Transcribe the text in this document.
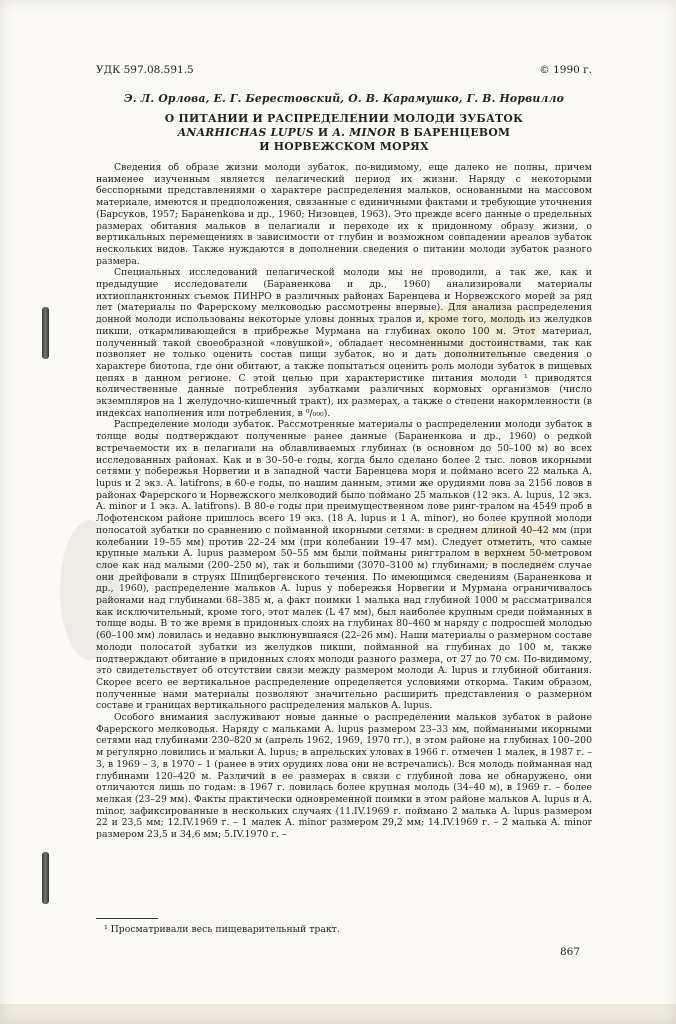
УДК 597.08.591.5	© 1990 г.
Э. Л. Орлова, Е. Г. Берестовский, О. В. Карамушко, Г. В. Норвилло
О ПИТАНИИ И РАСПРЕДЕЛЕНИИ МОЛОДИ ЗУБАТОК
ANARHICHAS LUPUS И A. MINOR В БАРЕНЦЕВОМ
И НОРВЕЖСКОМ МОРЯХ

Сведения об образе жизни молоди зубаток, по-видимому, еще далеко не полны, причем наименее изученным является пелагический период их жизни. Наряду с некоторыми бесспорными представлениями о характере распределения мальков, основанными на массовом материале, имеются и предположения, связанные с единичными фактами и требующие уточнения (Барсуков, 1957; Баранenkова и др., 1960; Низовцев, 1963). Это прежде всего данные о предельных размерах обитания мальков в пелагиали и переходе их к придонному образу жизни, о вертикальных перемещениях в зависимости от глубин и возможном совпадении ареалов зубаток нескольких видов. Также нуждаются в дополнении сведения о питании молоди зубаток разного размера.

Специальных исследований пелагической молоди мы не проводили, а так же, как и предыдущие исследователи (Бараненкова и др., 1960) анализировали материалы ихтиопланктонных съемок ПИНРО в различных районах Баренцева и Норвежского морей за ряд лет (материалы по Фарерскому мелководью рассмотрены впервые). Для анализа распределения донной молоди использованы некоторые уловы донных тралов и, кроме того, молодь из желудков пикши, откармливающейся в прибрежье Мурмана на глубинах около 100 м. Этот материал, полученный такой своеобразной «ловушкой», обладает несомненными достоинствами, так как позволяет не только оценить состав пищи зубаток, но и дать дополнительные сведения о характере биотопа, где они обитают, а также попытаться оценить роль молоди зубаток в пищевых цепях в данном регионе. С этой целью при характеристике питания молоди ¹ приводятся количественные данные потребления зубатками различных кормовых организмов (число экземпляров на 1 желудочно-кишечный тракт), их размерах, а также о степени накормленности (в индексах наполнения или потребления, в ⁰/₀₀₀).

Распределение молоди зубаток. Рассмотренные материалы о распределении молоди зубаток в толще воды подтверждают полученные ранее данные (Бараненкова и др., 1960) о редкой встречаемости их в пелагиали на облавливаемых глубинах (в основном до 50–100 м) во всех исследованных районах. Как и в 30–50-е годы, когда было сделано более 2 тыс. ловов икорными сетями у побережья Норвегии и в западной части Баренцева моря и поймано всего 22 малька A. lupus и 2 экз. A. latifrons, в 60-е годы, по нашим данным, этими же орудиями лова за 2156 ловов в районах Фарерского и Норвежского мелководий было поймано 25 мальков (12 экз. A. lupus, 12 экз. A. minor и 1 экз. A. latifrons). В 80-е годы при преимущественном лове ринг-тралом на 4549 проб в Лофотенском районе пришлось всего 19 экз. (18 A. lupus и 1 A. minor), но более крупной молоди полосатой зубатки по сравнению с пойманной икорными сетями: в среднем длиной 40–42 мм (при колебании 19–55 мм) против 22–24 мм (при колебании 19–47 мм). Следует отметить, что самые крупные мальки A. lupus размером 50–55 мм были пойманы рингтралом в верхнем 50-метровом слое как над малыми (200–250 м), так и большими (3070–3100 м) глубинами; в последнем случае они дрейфовали в струях Шпицбергенского течения. По имеющимся сведениям (Бараненкова и др., 1960), распределение мальков A. lupus у побережья Норвегии и Мурмана ограничивалось районами над глубинами 68–385 м, а факт поимки 1 малька над глубиной 1000 м рассматривался как исключительный, кроме того, этот малек (L 47 мм), был наиболее крупным среди пойманных в толще воды. В то же время в придонных слоях на глубинах 80–460 м наряду с подросшей молодью (60–100 мм) ловилась и недавно выклюнувшаяся (22–26 мм). Наши материалы о размерном составе молоди полосатой зубатки из желудков пикши, пойманной на глубинах до 100 м, также подтверждают обитание в придонных слоях молоди разного размера, от 27 до 70 см. По-видимому, это свидетельствует об отсутствии связи между размером молоди A. lupus и глубиной обитания. Скорее всего ее вертикальное распределение определяется условиями откорма. Таким образом, полученные нами материалы позволяют значительно расширить представления о размерном составе и границах вертикального распределения мальков A. lupus.

Особого внимания заслуживают новые данные о распределении мальков зубаток в районе Фарерского мелководья. Наряду с мальками A. lupus размером 23–33 мм, пойманными икорными сетями над глубинами 230–820 м (апрель 1962, 1969, 1970 гг.), в этом районе на глубинах 100–200 м регулярно ловились и мальки A. lupus; в апрельских уловах в 1966 г. отмечен 1 малек, в 1987 г. – 3, в 1969 – 3, в 1970 – 1 (ранее в этих орудиях лова они не встречались). Вся молодь пойманная над глубинами 120–420 м. Различий в ее размерах в связи с глубиной лова не обнаружено, они отличаются лишь по годам: в 1967 г. ловилась более крупная молодь (34–40 м), в 1969 г. – более мелкая (23–29 мм). Факты практически одновременной поимки в этом районе мальков A. lupus и A. minor, зафиксированные в нескольких случаях (11.IV.1969 г. поймано 2 малька A. lupus размером 22 и 23,5 мм; 12.IV.1969 г. – 1 малек A. minor размером 29,2 мм; 14.IV.1969 г. – 2 малька A. minor размером 23,5 и 34,6 мм; 5.IV.1970 г. –

¹ Просматривали весь пищеварительный тракт.
867
